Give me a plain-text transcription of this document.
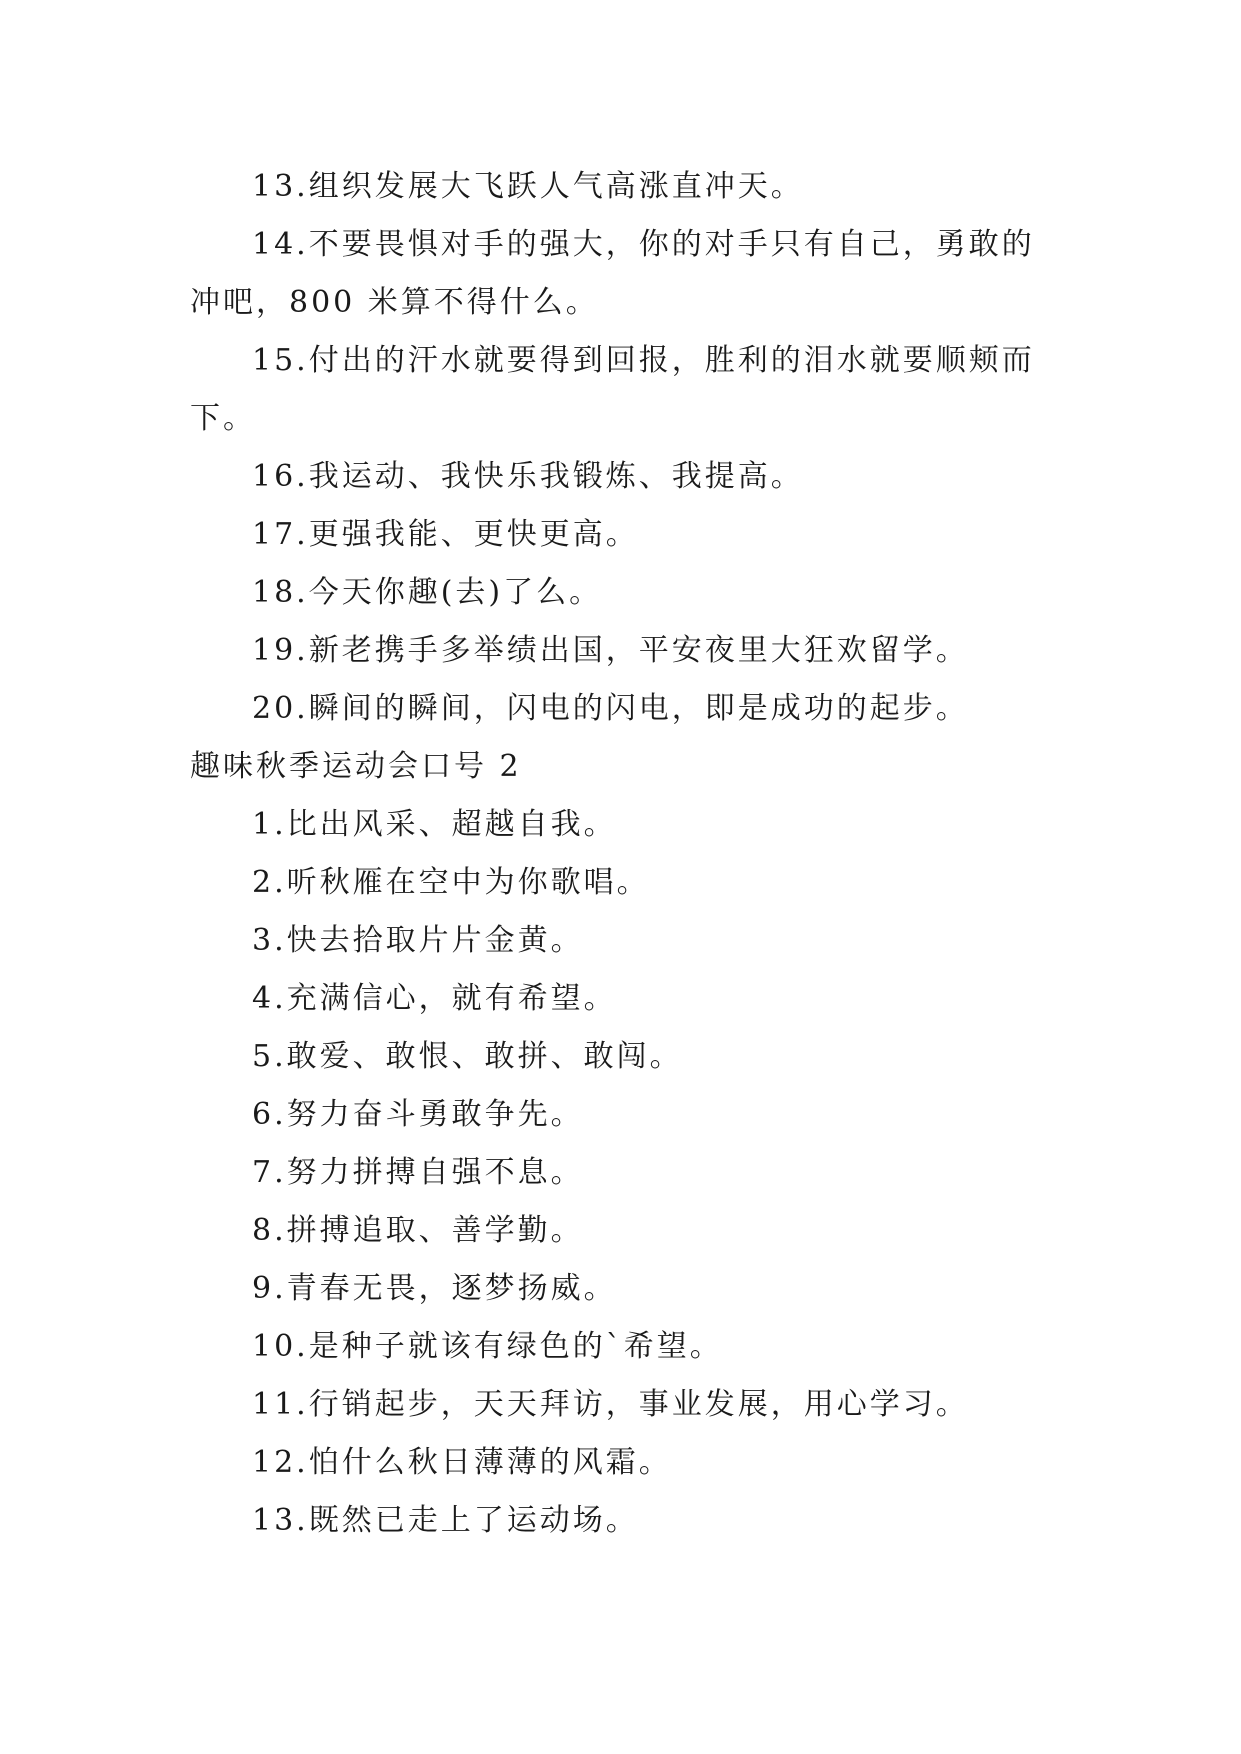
13.组织发展大飞跃人气高涨直冲天。
14.不要畏惧对手的强大，你的对手只有自己，勇敢的
冲吧，800 米算不得什么。
15.付出的汗水就要得到回报，胜利的泪水就要顺颊而
下。
16.我运动、我快乐我锻炼、我提高。
17.更强我能、更快更高。
18.今天你趣(去)了么。
19.新老携手多举绩出国，平安夜里大狂欢留学。
20.瞬间的瞬间，闪电的闪电，即是成功的起步。
趣味秋季运动会口号 2
1.比出风采、超越自我。
2.听秋雁在空中为你歌唱。
3.快去拾取片片金黄。
4.充满信心，就有希望。
5.敢爱、敢恨、敢拼、敢闯。
6.努力奋斗勇敢争先。
7.努力拼搏自强不息。
8.拼搏追取、善学勤。
9.青春无畏，逐梦扬威。
10.是种子就该有绿色的`希望。
11.行销起步，天天拜访，事业发展，用心学习。
12.怕什么秋日薄薄的风霜。
13.既然已走上了运动场。
